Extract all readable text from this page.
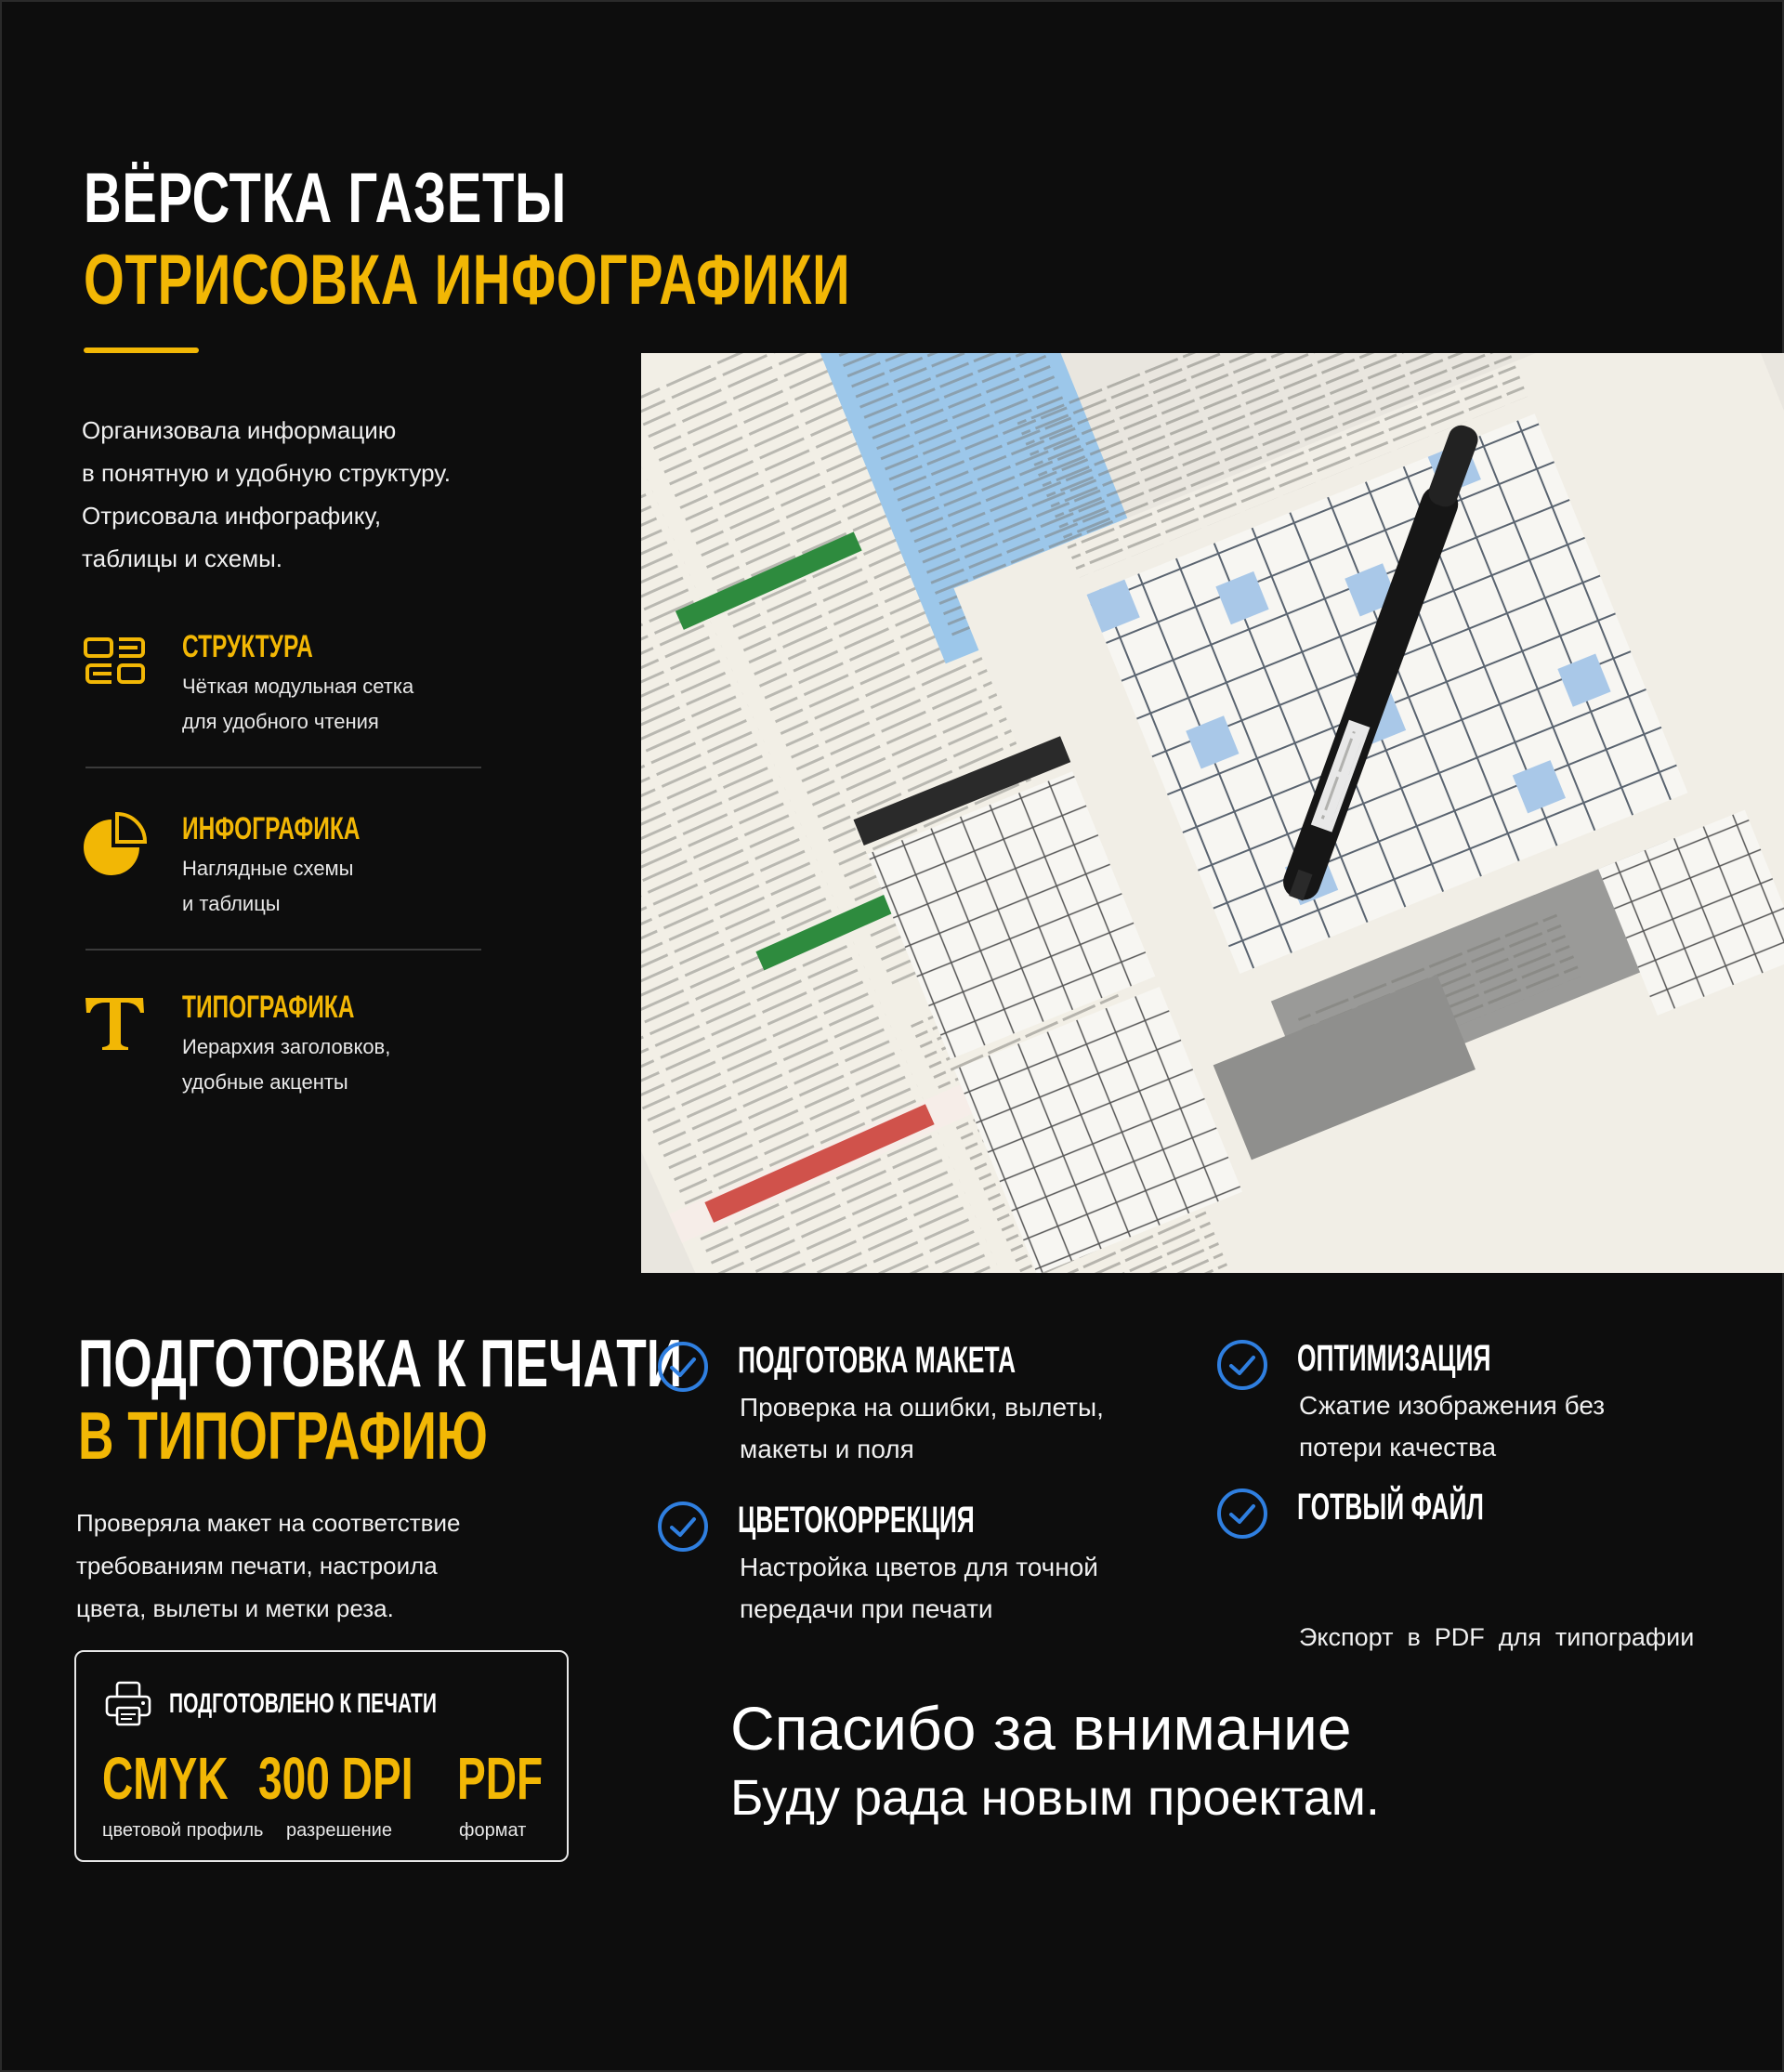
ВЁРСТКА ГАЗЕТЫ
ОТРИСОВКА ИНФОГРАФИКИ

Организовала информацию

в понятную и удобную структуру.

Отрисовала инфографику,

таблицы и схемы.

СТРУКТУРА

Чёткая модульная сетка

для удобного чтения

ИНФОГРАФИКА

Наглядные схемы

и таблицы

ТИПОГРАФИКА

Иерархия заголовков,

удобные акценты

ПОДГОТОВКА К ПЕЧАТИ
В ТИПОГРАФИЮ

Проверяла макет на соответствие

требованиям печати, настроила

цвета, вылеты и метки реза.

ПОДГОТОВЛЕНО К ПЕЧАТИ
CMYK
цветовой профиль
300 DPI
разрешение
PDF
формат
ПОДГОТОВКА МАКЕТА

Проверка на ошибки, вылеты,

макеты и поля

ЦВЕТОКОРРЕКЦИЯ

Настройка цветов для точной

передачи при печати

ОПТИМИЗАЦИЯ

Сжатие изображения без

потери качества

ГОТВЫЙ ФАЙЛ

Экспорт  в  PDF  для  типографии

Спасибо за внимание
Буду рада новым проектам.
